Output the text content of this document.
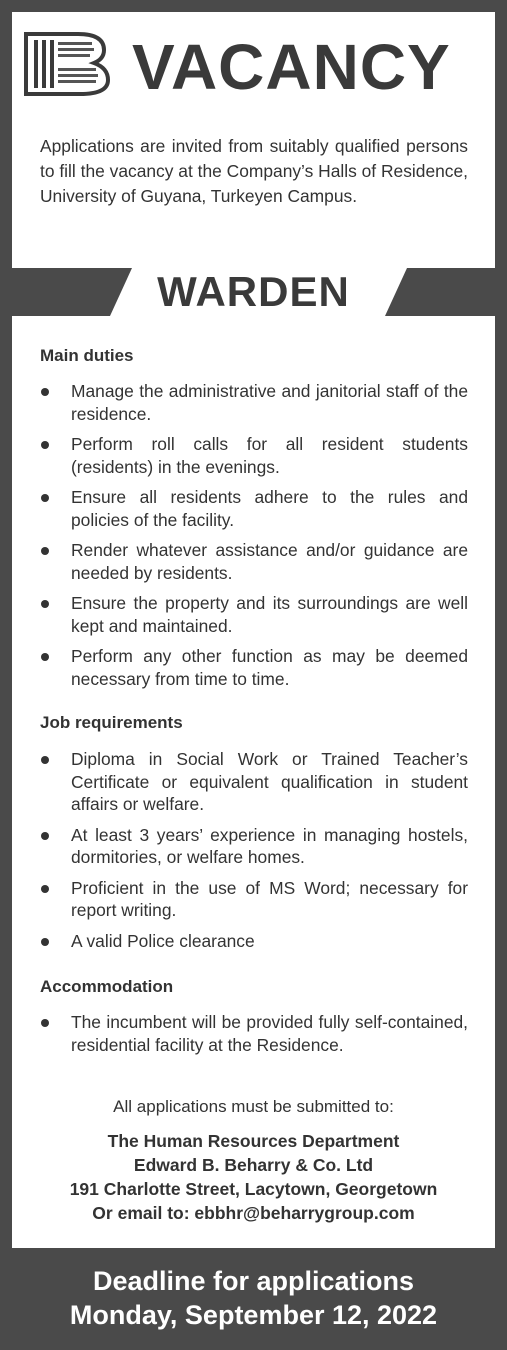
VACANCY
Applications are invited from suitably qualified persons to fill the vacancy at the Company’s Halls of Residence, University of Guyana, Turkeyen Campus.
WARDEN
Main duties
Manage the administrative and janitorial staff of the residence.
Perform roll calls for all resident students (residents) in the evenings.
Ensure all residents adhere to the rules and policies of the facility.
Render whatever assistance and/or guidance are needed by residents.
Ensure the property and its surroundings are well kept and maintained.
Perform any other function as may be deemed necessary from time to time.
Job requirements
Diploma in Social Work or Trained Teacher’s Certificate or equivalent qualification in student affairs or welfare.
At least 3 years’ experience in managing hostels, dormitories, or welfare homes.
Proficient in the use of MS Word; necessary for report writing.
A valid Police clearance
Accommodation
The incumbent will be provided fully self-contained, residential facility at the Residence.
All applications must be submitted to:
The Human Resources Department
Edward B. Beharry & Co. Ltd
191 Charlotte Street, Lacytown, Georgetown
Or email to: ebbhr@beharrygroup.com
Deadline for applications
Monday, September 12, 2022
